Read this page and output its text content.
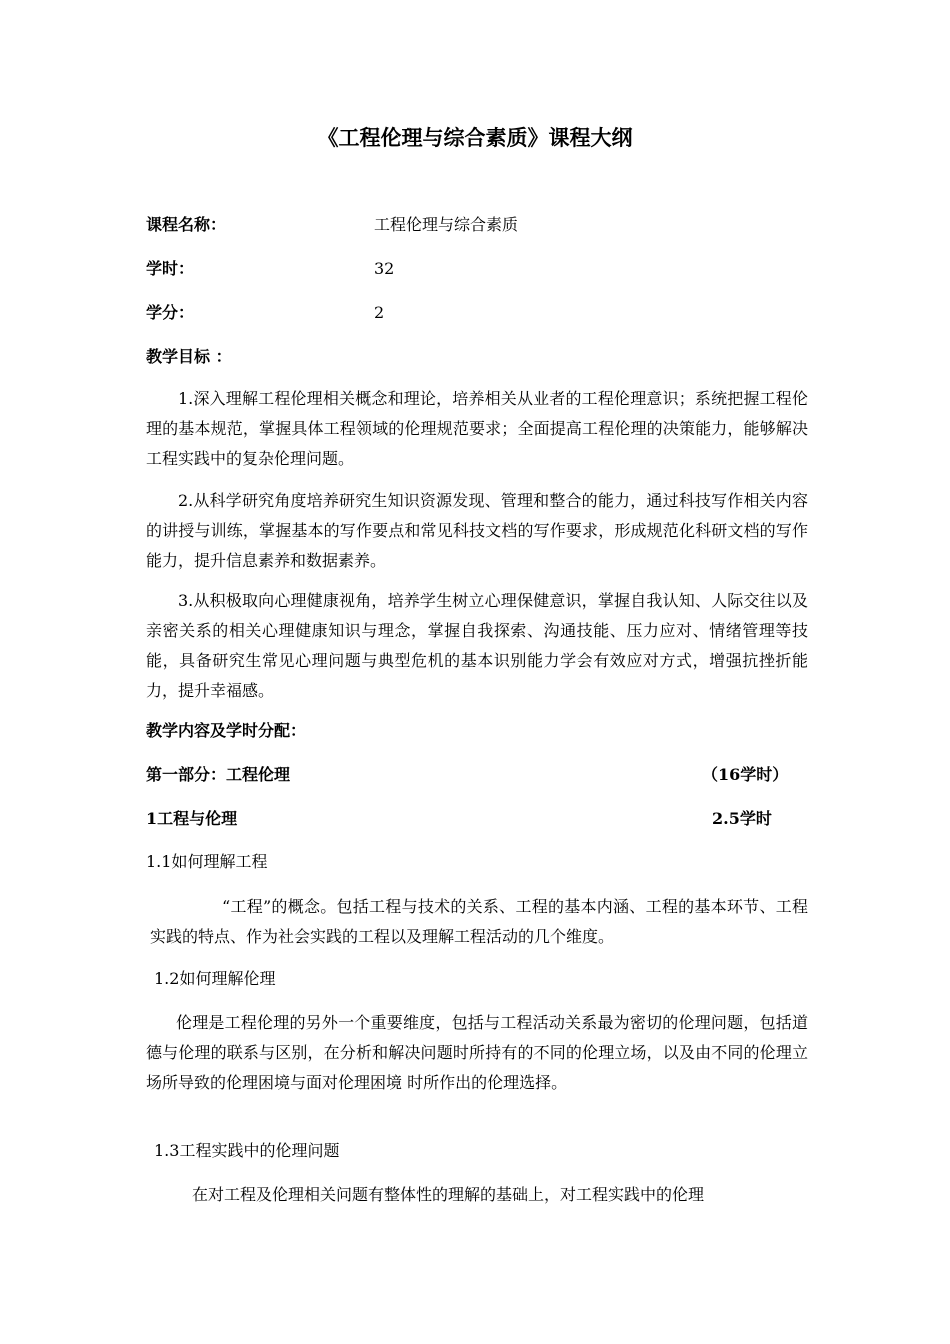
《工程伦理与综合素质》课程大纲
课程名称：	工程伦理与综合素质
学时：	32
学分：	2
教学目标 ：
1.深入理解工程伦理相关概念和理论，培养相关从业者的工程伦理意识；系统把握工程伦理的基本规范，掌握具体工程领域的伦理规范要求；全面提高工程伦理的决策能力，能够解决工程实践中的复杂伦理问题。
2.从科学研究角度培养研究生知识资源发现、管理和整合的能力，通过科技写作相关内容的讲授与训练，掌握基本的写作要点和常见科技文档的写作要求，形成规范化科研文档的写作能力，提升信息素养和数据素养。
3.从积极取向心理健康视角，培养学生树立心理保健意识，掌握自我认知、人际交往以及亲密关系的相关心理健康知识与理念，掌握自我探索、沟通技能、压力应对、情绪管理等技能，具备研究生常见心理问题与典型危机的基本识别能力学会有效应对方式，增强抗挫折能力，提升幸福感。
教学内容及学时分配：
第一部分：工程伦理	（16学时）
1工程与伦理	2.5学时
1.1如何理解工程
“工程”的概念。包括工程与技术的关系、工程的基本内涵、工程的基本环节、工程实践的特点、作为社会实践的工程以及理解工程活动的几个维度。
1.2如何理解伦理
伦理是工程伦理的另外一个重要维度，包括与工程活动关系最为密切的伦理问题，包括道德与伦理的联系与区别，在分析和解决问题时所持有的不同的伦理立场，以及由不同的伦理立场所导致的伦理困境与面对伦理困境 时所作出的伦理选择。
1.3工程实践中的伦理问题
在对工程及伦理相关问题有整体性的理解的基础上，对工程实践中的伦理
